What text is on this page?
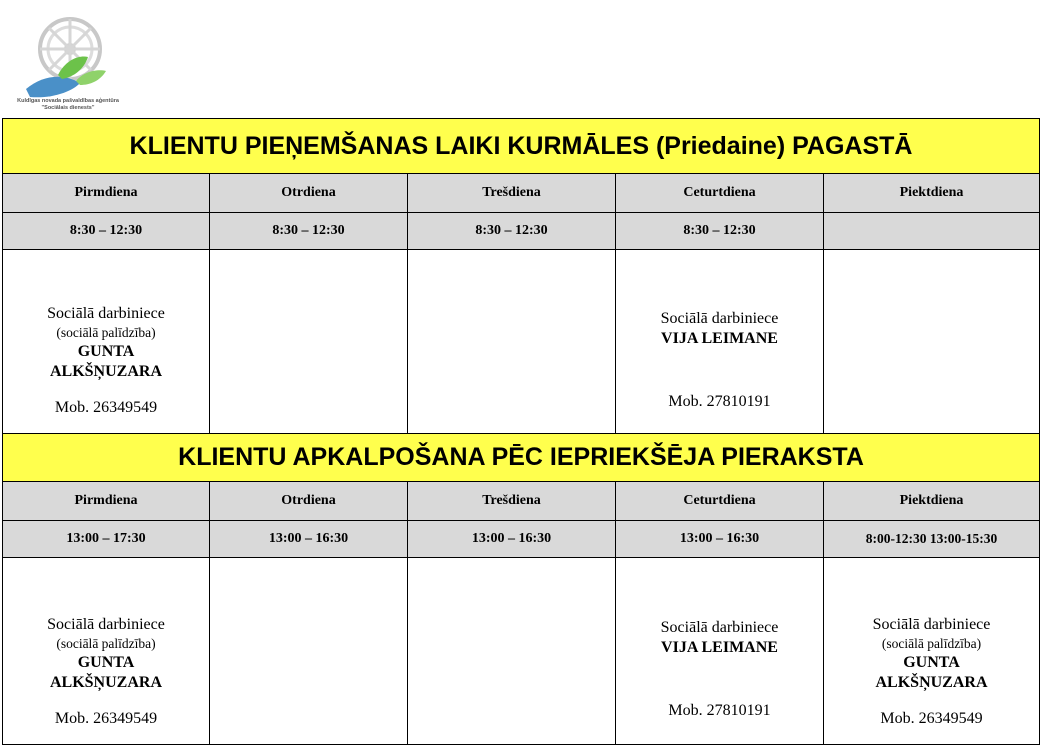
Kuldīgas novada pašvaldības aģentūra
"Sociālais dienests"
KLIENTU PIEŅEMŠANAS LAIKI KURMĀLES (Priedaine) PAGASTĀ				
Pirmdiena	Otrdiena	Trešdiena	Ceturtdiena	Piektdiena
8:30 – 12:30	8:30 – 12:30	8:30 – 12:30	8:30 – 12:30	

Sociālā darbiniece
(sociālā palīdzība)
GUNTA
ALKŠŅUZARA
Mob. 26349549			Sociālā darbiniece
VIJA LEIMANE
Mob. 27810191	

KLIENTU APKALPOŠANA PĒC IEPRIEKŠĒJA PIERAKSTA				
Pirmdiena	Otrdiena	Trešdiena	Ceturtdiena	Piektdiena
13:00 – 17:30	13:00 – 16:30	13:00 – 16:30	13:00 – 16:30	8:00-12:30 13:00-15:30

Sociālā darbiniece
(sociālā palīdzība)
GUNTA
ALKŠŅUZARA
Mob. 26349549			Sociālā darbiniece
VIJA LEIMANE
Mob. 27810191	Sociālā darbiniece
(sociālā palīdzība)
GUNTA
ALKŠŅUZARA
Mob. 26349549
